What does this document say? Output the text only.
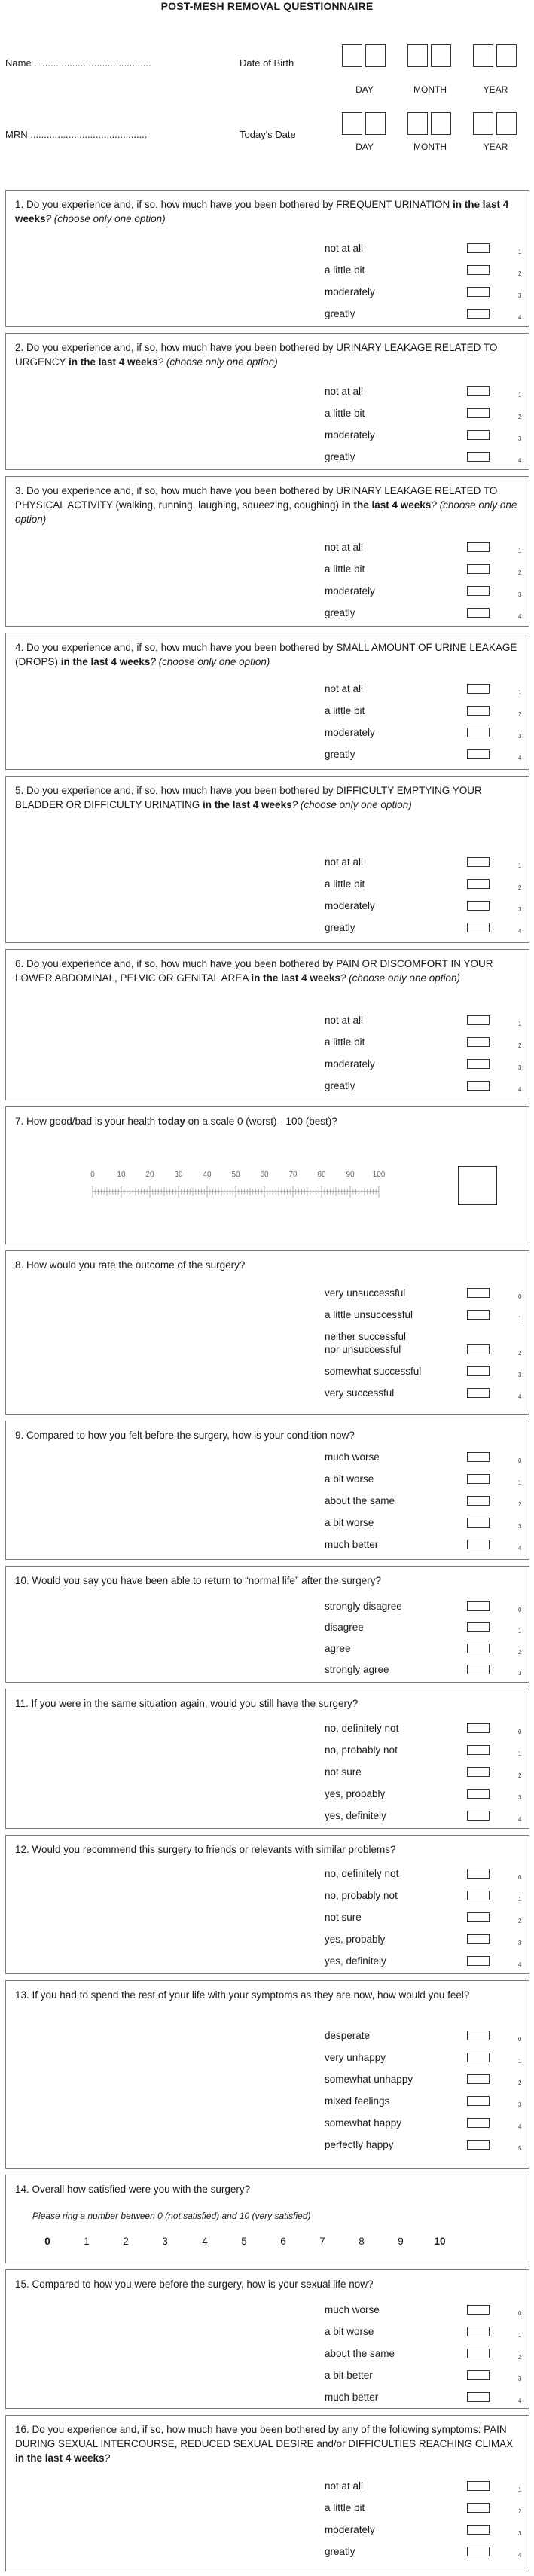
POST-MESH REMOVAL QUESTIONNAIRE
Name ...........................................
MRN ...........................................
Date of Birth
Today's Date
DAY	MONTH	YEAR
DAY	MONTH	YEAR
1. Do you experience and, if so, how much have you been bothered by FREQUENT URINATION in the last 4 weeks? (choose only one option)
not at all	1
a little bit	2
moderately	3
greatly	4
2. Do you experience and, if so, how much have you been bothered by URINARY LEAKAGE RELATED TO URGENCY in the last 4 weeks? (choose only one option)
not at all	1
a little bit	2
moderately	3
greatly	4
3. Do you experience and, if so, how much have you been bothered by URINARY LEAKAGE RELATED TO PHYSICAL ACTIVITY (walking, running, laughing, squeezing, coughing) in the last 4 weeks? (choose only one option)
not at all	1
a little bit	2
moderately	3
greatly	4
4. Do you experience and, if so, how much have you been bothered by SMALL AMOUNT OF URINE LEAKAGE (DROPS) in the last 4 weeks? (choose only one option)
not at all	1
a little bit	2
moderately	3
greatly	4
5. Do you experience and, if so, how much have you been bothered by DIFFICULTY EMPTYING YOUR BLADDER OR DIFFICULTY URINATING in the last 4 weeks? (choose only one option)
not at all	1
a little bit	2
moderately	3
greatly	4
6. Do you experience and, if so, how much have you been bothered by PAIN OR DISCOMFORT IN YOUR LOWER ABDOMINAL, PELVIC OR GENITAL AREA in the last 4 weeks? (choose only one option)
not at all	1
a little bit	2
moderately	3
greatly	4
7. How good/bad is your health today on a scale 0 (worst) - 100 (best)?
0	10	20	30	40	50	60	70	80	90 100
8. How would you rate the outcome of the surgery?
very unsuccessful	0
a little unsuccessful	1
neither successful
nor unsuccessful	2
somewhat successful	3
very successful	4
9. Compared to how you felt before the surgery, how is your condition now?
much worse	0
a bit worse	1
about the same	2
a bit worse	3
much better	4
10. Would you say you have been able to return to “normal life” after the surgery?
strongly disagree	0
disagree	1
agree	2
strongly agree	3
11. If you were in the same situation again, would you still have the surgery?
no, definitely not	0
no, probably not	1
not sure	2
yes, probably	3
yes, definitely	4
12. Would you recommend this surgery to friends or relevants with similar problems?
no, definitely not	0
no, probably not	1
not sure	2
yes, probably	3
yes, definitely	4
13. If you had to spend the rest of your life with your symptoms as they are now, how would you feel?
desperate	0
very unhappy	1
somewhat unhappy	2
mixed feelings	3
somewhat happy	4
perfectly happy	5
14. Overall how satisfied were you with the surgery?
Please ring a number between 0 (not satisfied) and 10 (very satisfied)
0	1	2	3	4	5	6	7	8	9	10
15. Compared to how you were before the surgery, how is your sexual life now?
much worse	0
a bit worse	1
about the same	2
a bit better	3
much better	4
16. Do you experience and, if so, how much have you been bothered by any of the following symptoms: PAIN DURING SEXUAL INTERCOURSE, REDUCED SEXUAL DESIRE and/or DIFFICULTIES REACHING CLIMAX in the last 4 weeks?
not at all	1
a little bit	2
moderately	3
greatly	4
